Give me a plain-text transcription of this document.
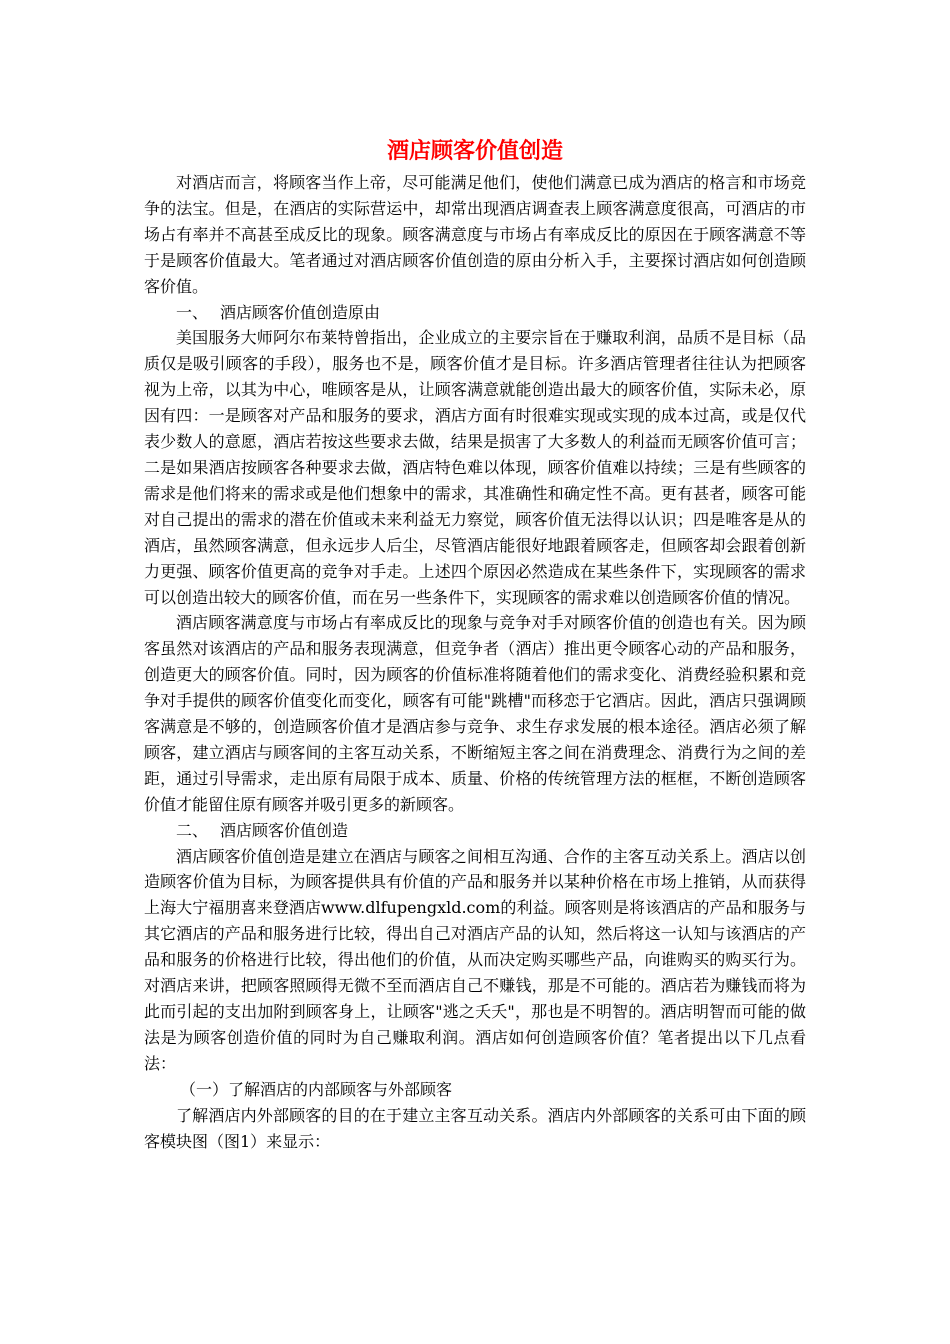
酒店顾客价值创造

对酒店而言，将顾客当作上帝，尽可能满足他们，使他们满意已成为酒店的格言和市场竞争的法宝。但是，在酒店的实际营运中，却常出现酒店调查表上顾客满意度很高，可酒店的市场占有率并不高甚至成反比的现象。顾客满意度与市场占有率成反比的原因在于顾客满意不等于是顾客价值最大。笔者通过对酒店顾客价值创造的原由分析入手，主要探讨酒店如何创造顾客价值。

一、 酒店顾客价值创造原由

美国服务大师阿尔布莱特曾指出，企业成立的主要宗旨在于赚取利润，品质不是目标（品质仅是吸引顾客的手段），服务也不是，顾客价值才是目标。许多酒店管理者往往认为把顾客视为上帝，以其为中心，唯顾客是从，让顾客满意就能创造出最大的顾客价值，实际未必，原因有四：一是顾客对产品和服务的要求，酒店方面有时很难实现或实现的成本过高，或是仅代表少数人的意愿，酒店若按这些要求去做，结果是损害了大多数人的利益而无顾客价值可言；二是如果酒店按顾客各种要求去做，酒店特色难以体现，顾客价值难以持续；三是有些顾客的需求是他们将来的需求或是他们想象中的需求，其准确性和确定性不高。更有甚者，顾客可能对自己提出的需求的潜在价值或未来利益无力察觉，顾客价值无法得以认识；四是唯客是从的酒店，虽然顾客满意，但永远步人后尘，尽管酒店能很好地跟着顾客走，但顾客却会跟着创新力更强、顾客价值更高的竞争对手走。上述四个原因必然造成在某些条件下，实现顾客的需求可以创造出较大的顾客价值，而在另一些条件下，实现顾客的需求难以创造顾客价值的情况。

酒店顾客满意度与市场占有率成反比的现象与竞争对手对顾客价值的创造也有关。因为顾客虽然对该酒店的产品和服务表现满意，但竞争者（酒店）推出更令顾客心动的产品和服务，创造更大的顾客价值。同时，因为顾客的价值标准将随着他们的需求变化、消费经验积累和竞争对手提供的顾客价值变化而变化，顾客有可能"跳槽"而移恋于它酒店。因此，酒店只强调顾客满意是不够的，创造顾客价值才是酒店参与竞争、求生存求发展的根本途径。酒店必须了解顾客，建立酒店与顾客间的主客互动关系，不断缩短主客之间在消费理念、消费行为之间的差距，通过引导需求，走出原有局限于成本、质量、价格的传统管理方法的框框，不断创造顾客价值才能留住原有顾客并吸引更多的新顾客。

二、 酒店顾客价值创造

酒店顾客价值创造是建立在酒店与顾客之间相互沟通、合作的主客互动关系上。酒店以创造顾客价值为目标，为顾客提供具有价值的产品和服务并以某种价格在市场上推销，从而获得上海大宁福朋喜来登酒店www.dlfupengxld.com的利益。顾客则是将该酒店的产品和服务与其它酒店的产品和服务进行比较，得出自己对酒店产品的认知，然后将这一认知与该酒店的产品和服务的价格进行比较，得出他们的价值，从而决定购买哪些产品，向谁购买的购买行为。对酒店来讲，把顾客照顾得无微不至而酒店自己不赚钱，那是不可能的。酒店若为赚钱而将为此而引起的支出加附到顾客身上，让顾客"逃之夭夭"，那也是不明智的。酒店明智而可能的做法是为顾客创造价值的同时为自己赚取利润。酒店如何创造顾客价值？笔者提出以下几点看法：

（一）了解酒店的内部顾客与外部顾客

了解酒店内外部顾客的目的在于建立主客互动关系。酒店内外部顾客的关系可由下面的顾客模块图（图1）来显示：
